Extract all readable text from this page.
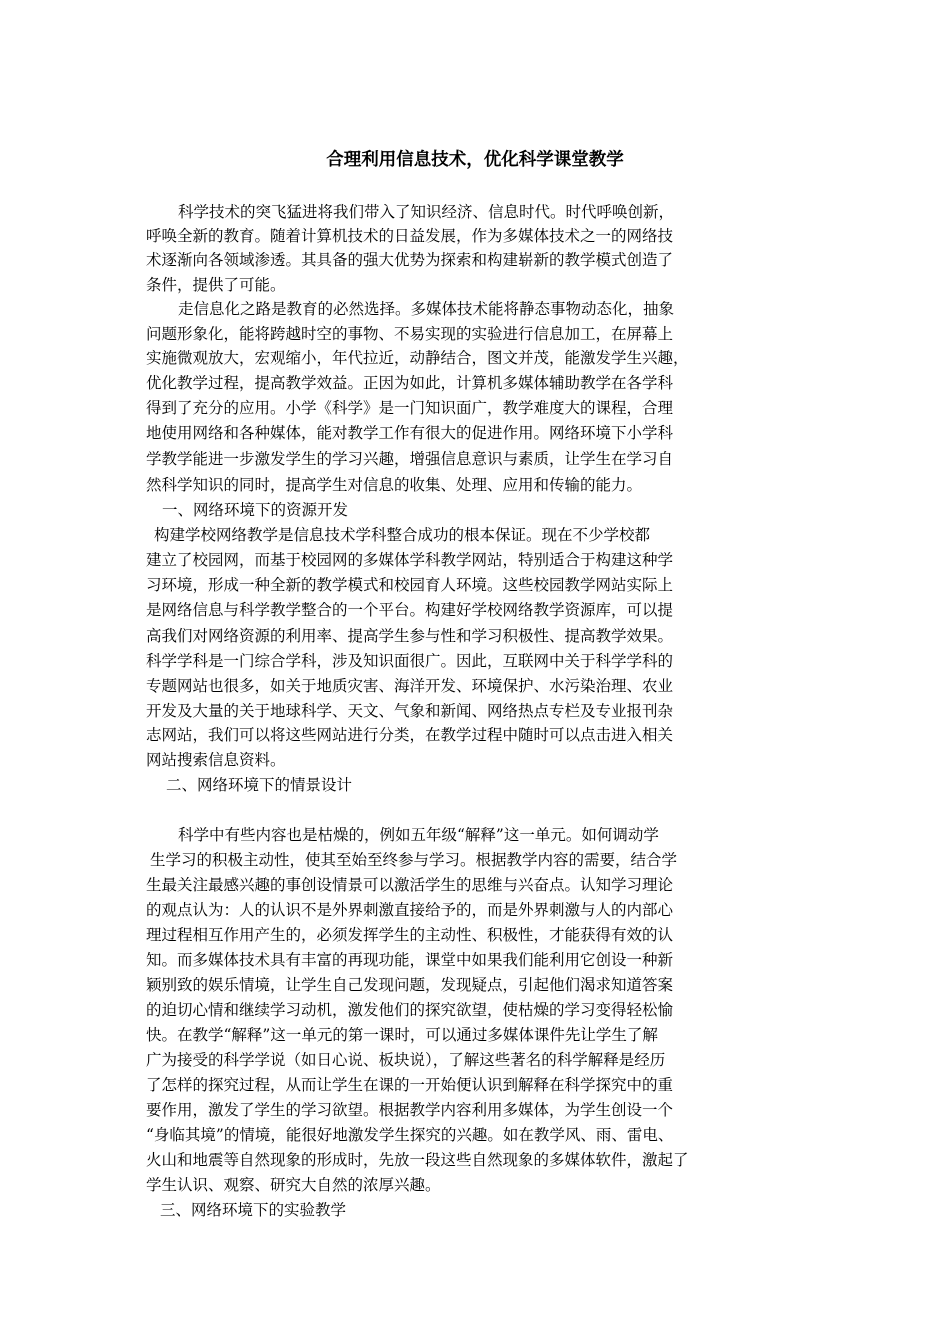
合理利用信息技术，优化科学课堂教学

科学技术的突飞猛进将我们带入了知识经济、信息时代。时代呼唤创新，

呼唤全新的教育。随着计算机技术的日益发展，作为多媒体技术之一的网络技

术逐渐向各领域渗透。其具备的强大优势为探索和构建崭新的教学模式创造了

条件，提供了可能。

走信息化之路是教育的必然选择。多媒体技术能将静态事物动态化，抽象

问题形象化，能将跨越时空的事物、不易实现的实验进行信息加工，在屏幕上

实施微观放大，宏观缩小，年代拉近，动静结合，图文并茂，能激发学生兴趣，

优化教学过程，提高教学效益。正因为如此，计算机多媒体辅助教学在各学科

得到了充分的应用。小学《科学》是一门知识面广，教学难度大的课程，合理

地使用网络和各种媒体，能对教学工作有很大的促进作用。网络环境下小学科

学教学能进一步激发学生的学习兴趣，增强信息意识与素质，让学生在学习自

然科学知识的同时，提高学生对信息的收集、处理、应用和传输的能力。

一、网络环境下的资源开发

构建学校网络教学是信息技术学科整合成功的根本保证。现在不少学校都

建立了校园网，而基于校园网的多媒体学科教学网站，特别适合于构建这种学

习环境，形成一种全新的教学模式和校园育人环境。这些校园教学网站实际上

是网络信息与科学教学整合的一个平台。构建好学校网络教学资源库，可以提

高我们对网络资源的利用率、提高学生参与性和学习积极性、提高教学效果。

科学学科是一门综合学科，涉及知识面很广。因此，互联网中关于科学学科的

专题网站也很多，如关于地质灾害、海洋开发、环境保护、水污染治理、农业

开发及大量的关于地球科学、天文、气象和新闻、网络热点专栏及专业报刊杂

志网站，我们可以将这些网站进行分类，在教学过程中随时可以点击进入相关

网站搜索信息资料。

二、网络环境下的情景设计

科学中有些内容也是枯燥的，例如五年级“解释”这一单元。如何调动学

生学习的积极主动性，使其至始至终参与学习。根据教学内容的需要，结合学

生最关注最感兴趣的事创设情景可以激活学生的思维与兴奋点。认知学习理论

的观点认为：人的认识不是外界刺激直接给予的，而是外界刺激与人的内部心

理过程相互作用产生的，必须发挥学生的主动性、积极性，才能获得有效的认

知。而多媒体技术具有丰富的再现功能，课堂中如果我们能利用它创设一种新

颖别致的娱乐情境，让学生自己发现问题，发现疑点，引起他们渴求知道答案

的迫切心情和继续学习动机，激发他们的探究欲望，使枯燥的学习变得轻松愉

快。在教学“解释”这一单元的第一课时，可以通过多媒体课件先让学生了解

广为接受的科学学说（如日心说、板块说），了解这些著名的科学解释是经历

了怎样的探究过程，从而让学生在课的一开始便认识到解释在科学探究中的重

要作用，激发了学生的学习欲望。根据教学内容利用多媒体，为学生创设一个

“身临其境”的情境，能很好地激发学生探究的兴趣。如在教学风、雨、雷电、

火山和地震等自然现象的形成时，先放一段这些自然现象的多媒体软件，激起了

学生认识、观察、研究大自然的浓厚兴趣。

三、网络环境下的实验教学
